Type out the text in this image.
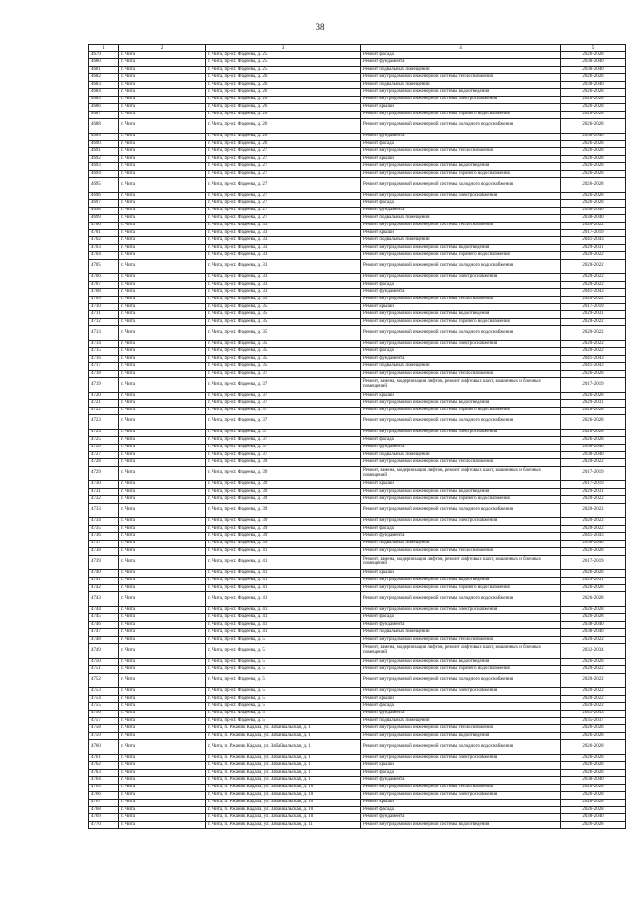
38
1	2	3	4	5
4679	г. Чита	г. Чита, пр-кт. Фадеева, д. 25	Ремонт фасада	2026-2028
4680	г. Чита	г. Чита, пр-кт. Фадеева, д. 25	Ремонт фундамента	2038-2040
4681	г. Чита	г. Чита, пр-кт. Фадеева, д. 25	Ремонт подвальных помещений	2038-2040
4682	г. Чита	г. Чита, пр-кт. Фадеева, д. 26	Ремонт внутридомовой инженерной системы теплоснабжения	2026-2028
4683	г. Чита	г. Чита, пр-кт. Фадеева, д. 26	Ремонт подвальных помещений	2038-2040
4684	г. Чита	г. Чита, пр-кт. Фадеева, д. 26	Ремонт внутридомовой инженерной системы водоотведения	2026-2028
4685	г. Чита	г. Чита, пр-кт. Фадеева, д. 26	Ремонт внутридомовой инженерной системы электроснабжения	2026-2028
4686	г. Чита	г. Чита, пр-кт. Фадеева, д. 26	Ремонт крыши	2026-2028
4687	г. Чита	г. Чита, пр-кт. Фадеева, д. 26	Ремонт внутридомовой инженерной системы горячего водоснабжения	2026-2028
4688	г. Чита	г. Чита, пр-кт. Фадеева, д. 26	Ремонт внутридомовой инженерной системы холодного водоснабжения	2026-2028
4689	г. Чита	г. Чита, пр-кт. Фадеева, д. 26	Ремонт фундамента	2038-2040
4690	г. Чита	г. Чита, пр-кт. Фадеева, д. 26	Ремонт фасада	2026-2028
4691	г. Чита	г. Чита, пр-кт. Фадеева, д. 27	Ремонт внутридомовой инженерной системы теплоснабжения	2026-2028
4692	г. Чита	г. Чита, пр-кт. Фадеева, д. 27	Ремонт крыши	2026-2028
4693	г. Чита	г. Чита, пр-кт. Фадеева, д. 27	Ремонт внутридомовой инженерной системы водоотведения	2026-2028
4694	г. Чита	г. Чита, пр-кт. Фадеева, д. 27	Ремонт внутридомовой инженерной системы горячего водоснабжения	2026-2028
4695	г. Чита	г. Чита, пр-кт. Фадеева, д. 27	Ремонт внутридомовой инженерной системы холодного водоснабжения	2026-2028
4696	г. Чита	г. Чита, пр-кт. Фадеева, д. 27	Ремонт внутридомовой инженерной системы электроснабжения	2026-2028
4697	г. Чита	г. Чита, пр-кт. Фадеева, д. 27	Ремонт фасада	2026-2028
4698	г. Чита	г. Чита, пр-кт. Фадеева, д. 27	Ремонт фундамента	2038-2040
4699	г. Чита	г. Чита, пр-кт. Фадеева, д. 27	Ремонт подвальных помещений	2038-2040
4700	г. Чита	г. Чита, пр-кт. Фадеева, д. 33	Ремонт внутридомовой инженерной системы теплоснабжения	2020-2022
4701	г. Чита	г. Чита, пр-кт. Фадеева, д. 33	Ремонт крыши	2017-2019
4702	г. Чита	г. Чита, пр-кт. Фадеева, д. 33	Ремонт подвальных помещений	2041-2043
4703	г. Чита	г. Чита, пр-кт. Фадеева, д. 33	Ремонт внутридомовой инженерной системы водоотведения	2029-2031
4704	г. Чита	г. Чита, пр-кт. Фадеева, д. 33	Ремонт внутридомовой инженерной системы горячего водоснабжения	2020-2022
4705	г. Чита	г. Чита, пр-кт. Фадеева, д. 33	Ремонт внутридомовой инженерной системы холодного водоснабжения	2020-2022
4706	г. Чита	г. Чита, пр-кт. Фадеева, д. 33	Ремонт внутридомовой инженерной системы электроснабжения	2020-2022
4707	г. Чита	г. Чита, пр-кт. Фадеева, д. 33	Ремонт фасада	2020-2022
4708	г. Чита	г. Чита, пр-кт. Фадеева, д. 33	Ремонт фундамента	2041-2043
4709	г. Чита	г. Чита, пр-кт. Фадеева, д. 35	Ремонт внутридомовой инженерной системы теплоснабжения	2020-2022
4710	г. Чита	г. Чита, пр-кт. Фадеева, д. 35	Ремонт крыши	2017-2019
4711	г. Чита	г. Чита, пр-кт. Фадеева, д. 35	Ремонт внутридомовой инженерной системы водоотведения	2029-2031
4712	г. Чита	г. Чита, пр-кт. Фадеева, д. 35	Ремонт внутридомовой инженерной системы горячего водоснабжения	2020-2022
4713	г. Чита	г. Чита, пр-кт. Фадеева, д. 35	Ремонт внутридомовой инженерной системы холодного водоснабжения	2020-2022
4714	г. Чита	г. Чита, пр-кт. Фадеева, д. 35	Ремонт внутридомовой инженерной системы электроснабжения	2020-2022
4715	г. Чита	г. Чита, пр-кт. Фадеева, д. 35	Ремонт фасада	2020-2022
4716	г. Чита	г. Чита, пр-кт. Фадеева, д. 35	Ремонт фундамента	2041-2043
4717	г. Чита	г. Чита, пр-кт. Фадеева, д. 35	Ремонт подвальных помещений	2041-2043
4718	г. Чита	г. Чита, пр-кт. Фадеева, д. 37	Ремонт внутридомовой инженерной системы теплоснабжения	2026-2028
4719	г. Чита	г. Чита, пр-кт. Фадеева, д. 37	Ремонт, замена, модернизация лифтов, ремонт лифтовых шахт, машинных и блочных помещений	2017-2019
4720	г. Чита	г. Чита, пр-кт. Фадеева, д. 37	Ремонт крыши	2026-2028
4721	г. Чита	г. Чита, пр-кт. Фадеева, д. 37	Ремонт внутридомовой инженерной системы водоотведения	2029-2031
4722	г. Чита	г. Чита, пр-кт. Фадеева, д. 37	Ремонт внутридомовой инженерной системы горячего водоснабжения	2026-2028
4723	г. Чита	г. Чита, пр-кт. Фадеева, д. 37	Ремонт внутридомовой инженерной системы холодного водоснабжения	2026-2028
4724	г. Чита	г. Чита, пр-кт. Фадеева, д. 37	Ремонт внутридомовой инженерной системы электроснабжения	2026-2028
4725	г. Чита	г. Чита, пр-кт. Фадеева, д. 37	Ремонт фасада	2026-2028
4726	г. Чита	г. Чита, пр-кт. Фадеева, д. 37	Ремонт фундамента	2038-2040
4727	г. Чита	г. Чита, пр-кт. Фадеева, д. 37	Ремонт подвальных помещений	2038-2040
4728	г. Чита	г. Чита, пр-кт. Фадеева, д. 39	Ремонт внутридомовой инженерной системы теплоснабжения	2020-2022
4729	г. Чита	г. Чита, пр-кт. Фадеева, д. 39	Ремонт, замена, модернизация лифтов, ремонт лифтовых шахт, машинных и блочных помещений	2017-2019
4730	г. Чита	г. Чита, пр-кт. Фадеева, д. 39	Ремонт крыши	2017-2019
4731	г. Чита	г. Чита, пр-кт. Фадеева, д. 39	Ремонт внутридомовой инженерной системы водоотведения	2029-2031
4732	г. Чита	г. Чита, пр-кт. Фадеева, д. 39	Ремонт внутридомовой инженерной системы горячего водоснабжения	2020-2022
4733	г. Чита	г. Чита, пр-кт. Фадеева, д. 39	Ремонт внутридомовой инженерной системы холодного водоснабжения	2020-2022
4734	г. Чита	г. Чита, пр-кт. Фадеева, д. 39	Ремонт внутридомовой инженерной системы электроснабжения	2020-2022
4735	г. Чита	г. Чита, пр-кт. Фадеева, д. 39	Ремонт фасада	2020-2022
4736	г. Чита	г. Чита, пр-кт. Фадеева, д. 39	Ремонт фундамента	2041-2043
4737	г. Чита	г. Чита, пр-кт. Фадеева, д. 39	Ремонт подвальных помещений	2038-2040
4738	г. Чита	г. Чита, пр-кт. Фадеева, д. 41	Ремонт внутридомовой инженерной системы теплоснабжения	2026-2028
4739	г. Чита	г. Чита, пр-кт. Фадеева, д. 41	Ремонт, замена, модернизация лифтов, ремонт лифтовых шахт, машинных и блочных помещений	2017-2019
4740	г. Чита	г. Чита, пр-кт. Фадеева, д. 41	Ремонт крыши	2026-2028
4741	г. Чита	г. Чита, пр-кт. Фадеева, д. 41	Ремонт внутридомовой инженерной системы водоотведения	2029-2031
4742	г. Чита	г. Чита, пр-кт. Фадеева, д. 41	Ремонт внутридомовой инженерной системы горячего водоснабжения	2026-2028
4743	г. Чита	г. Чита, пр-кт. Фадеева, д. 41	Ремонт внутридомовой инженерной системы холодного водоснабжения	2026-2028
4744	г. Чита	г. Чита, пр-кт. Фадеева, д. 41	Ремонт внутридомовой инженерной системы электроснабжения	2026-2028
4745	г. Чита	г. Чита, пр-кт. Фадеева, д. 41	Ремонт фасада	2026-2028
4746	г. Чита	г. Чита, пр-кт. Фадеева, д. 41	Ремонт фундамента	2038-2040
4747	г. Чита	г. Чита, пр-кт. Фадеева, д. 41	Ремонт подвальных помещений	2038-2040
4748	г. Чита	г. Чита, пр-кт. Фадеева, д. 5	Ремонт внутридомовой инженерной системы теплоснабжения	2020-2022
4749	г. Чита	г. Чита, пр-кт. Фадеева, д. 5	Ремонт, замена, модернизация лифтов, ремонт лифтовых шахт, машинных и блочных помещений	2032-2034
4750	г. Чита	г. Чита, пр-кт. Фадеева, д. 5	Ремонт внутридомовой инженерной системы водоотведения	2026-2028
4751	г. Чита	г. Чита, пр-кт. Фадеева, д. 5	Ремонт внутридомовой инженерной системы горячего водоснабжения	2020-2022
4752	г. Чита	г. Чита, пр-кт. Фадеева, д. 5	Ремонт внутридомовой инженерной системы холодного водоснабжения	2020-2022
4753	г. Чита	г. Чита, пр-кт. Фадеева, д. 5	Ремонт внутридомовой инженерной системы электроснабжения	2020-2022
4754	г. Чита	г. Чита, пр-кт. Фадеева, д. 5	Ремонт крыши	2020-2022
4755	г. Чита	г. Чита, пр-кт. Фадеева, д. 5	Ремонт фасада	2020-2022
4756	г. Чита	г. Чита, пр-кт. Фадеева, д. 5	Ремонт фундамента	2041-2043
4757	г. Чита	г. Чита, пр-кт. Фадеева, д. 5	Ремонт подвальных помещений	2035-2037
4758	г. Чита	г. Чита, п. Ржаник Кадала, ул. Забайкальская, д. 1	Ремонт внутридомовой инженерной системы теплоснабжения	2026-2028
4759	г. Чита	г. Чита, п. Ржаник Кадала, ул. Забайкальская, д. 1	Ремонт внутридомовой инженерной системы водоотведения	2026-2028
4760	г. Чита	г. Чита, п. Ржаник Кадала, ул. Забайкальская, д. 1	Ремонт внутридомовой инженерной системы холодного водоснабжения	2026-2028
4761	г. Чита	г. Чита, п. Ржаник Кадала, ул. Забайкальская, д. 1	Ремонт внутридомовой инженерной системы электроснабжения	2026-2028
4762	г. Чита	г. Чита, п. Ржаник Кадала, ул. Забайкальская, д. 1	Ремонт крыши	2026-2028
4763	г. Чита	г. Чита, п. Ржаник Кадала, ул. Забайкальская, д. 1	Ремонт фасада	2026-2028
4764	г. Чита	г. Чита, п. Ржаник Кадала, ул. Забайкальская, д. 1	Ремонт фундамента	2038-2040
4765	г. Чита	г. Чита, п. Ржаник Кадала, ул. Забайкальская, д. 10	Ремонт внутридомовой инженерной системы теплоснабжения	2026-2028
4766	г. Чита	г. Чита, п. Ржаник Кадала, ул. Забайкальская, д. 10	Ремонт внутридомовой инженерной системы электроснабжения	2026-2028
4767	г. Чита	г. Чита, п. Ржаник Кадала, ул. Забайкальская, д. 10	Ремонт крыши	2026-2028
4768	г. Чита	г. Чита, п. Ржаник Кадала, ул. Забайкальская, д. 10	Ремонт фасада	2026-2028
4769	г. Чита	г. Чита, п. Ржаник Кадала, ул. Забайкальская, д. 10	Ремонт фундамента	2038-2040
4770	г. Чита	г. Чита, п. Ржаник Кадала, ул. Забайкальская, д. 11	Ремонт внутридомовой инженерной системы водоотведения	2026-2028
